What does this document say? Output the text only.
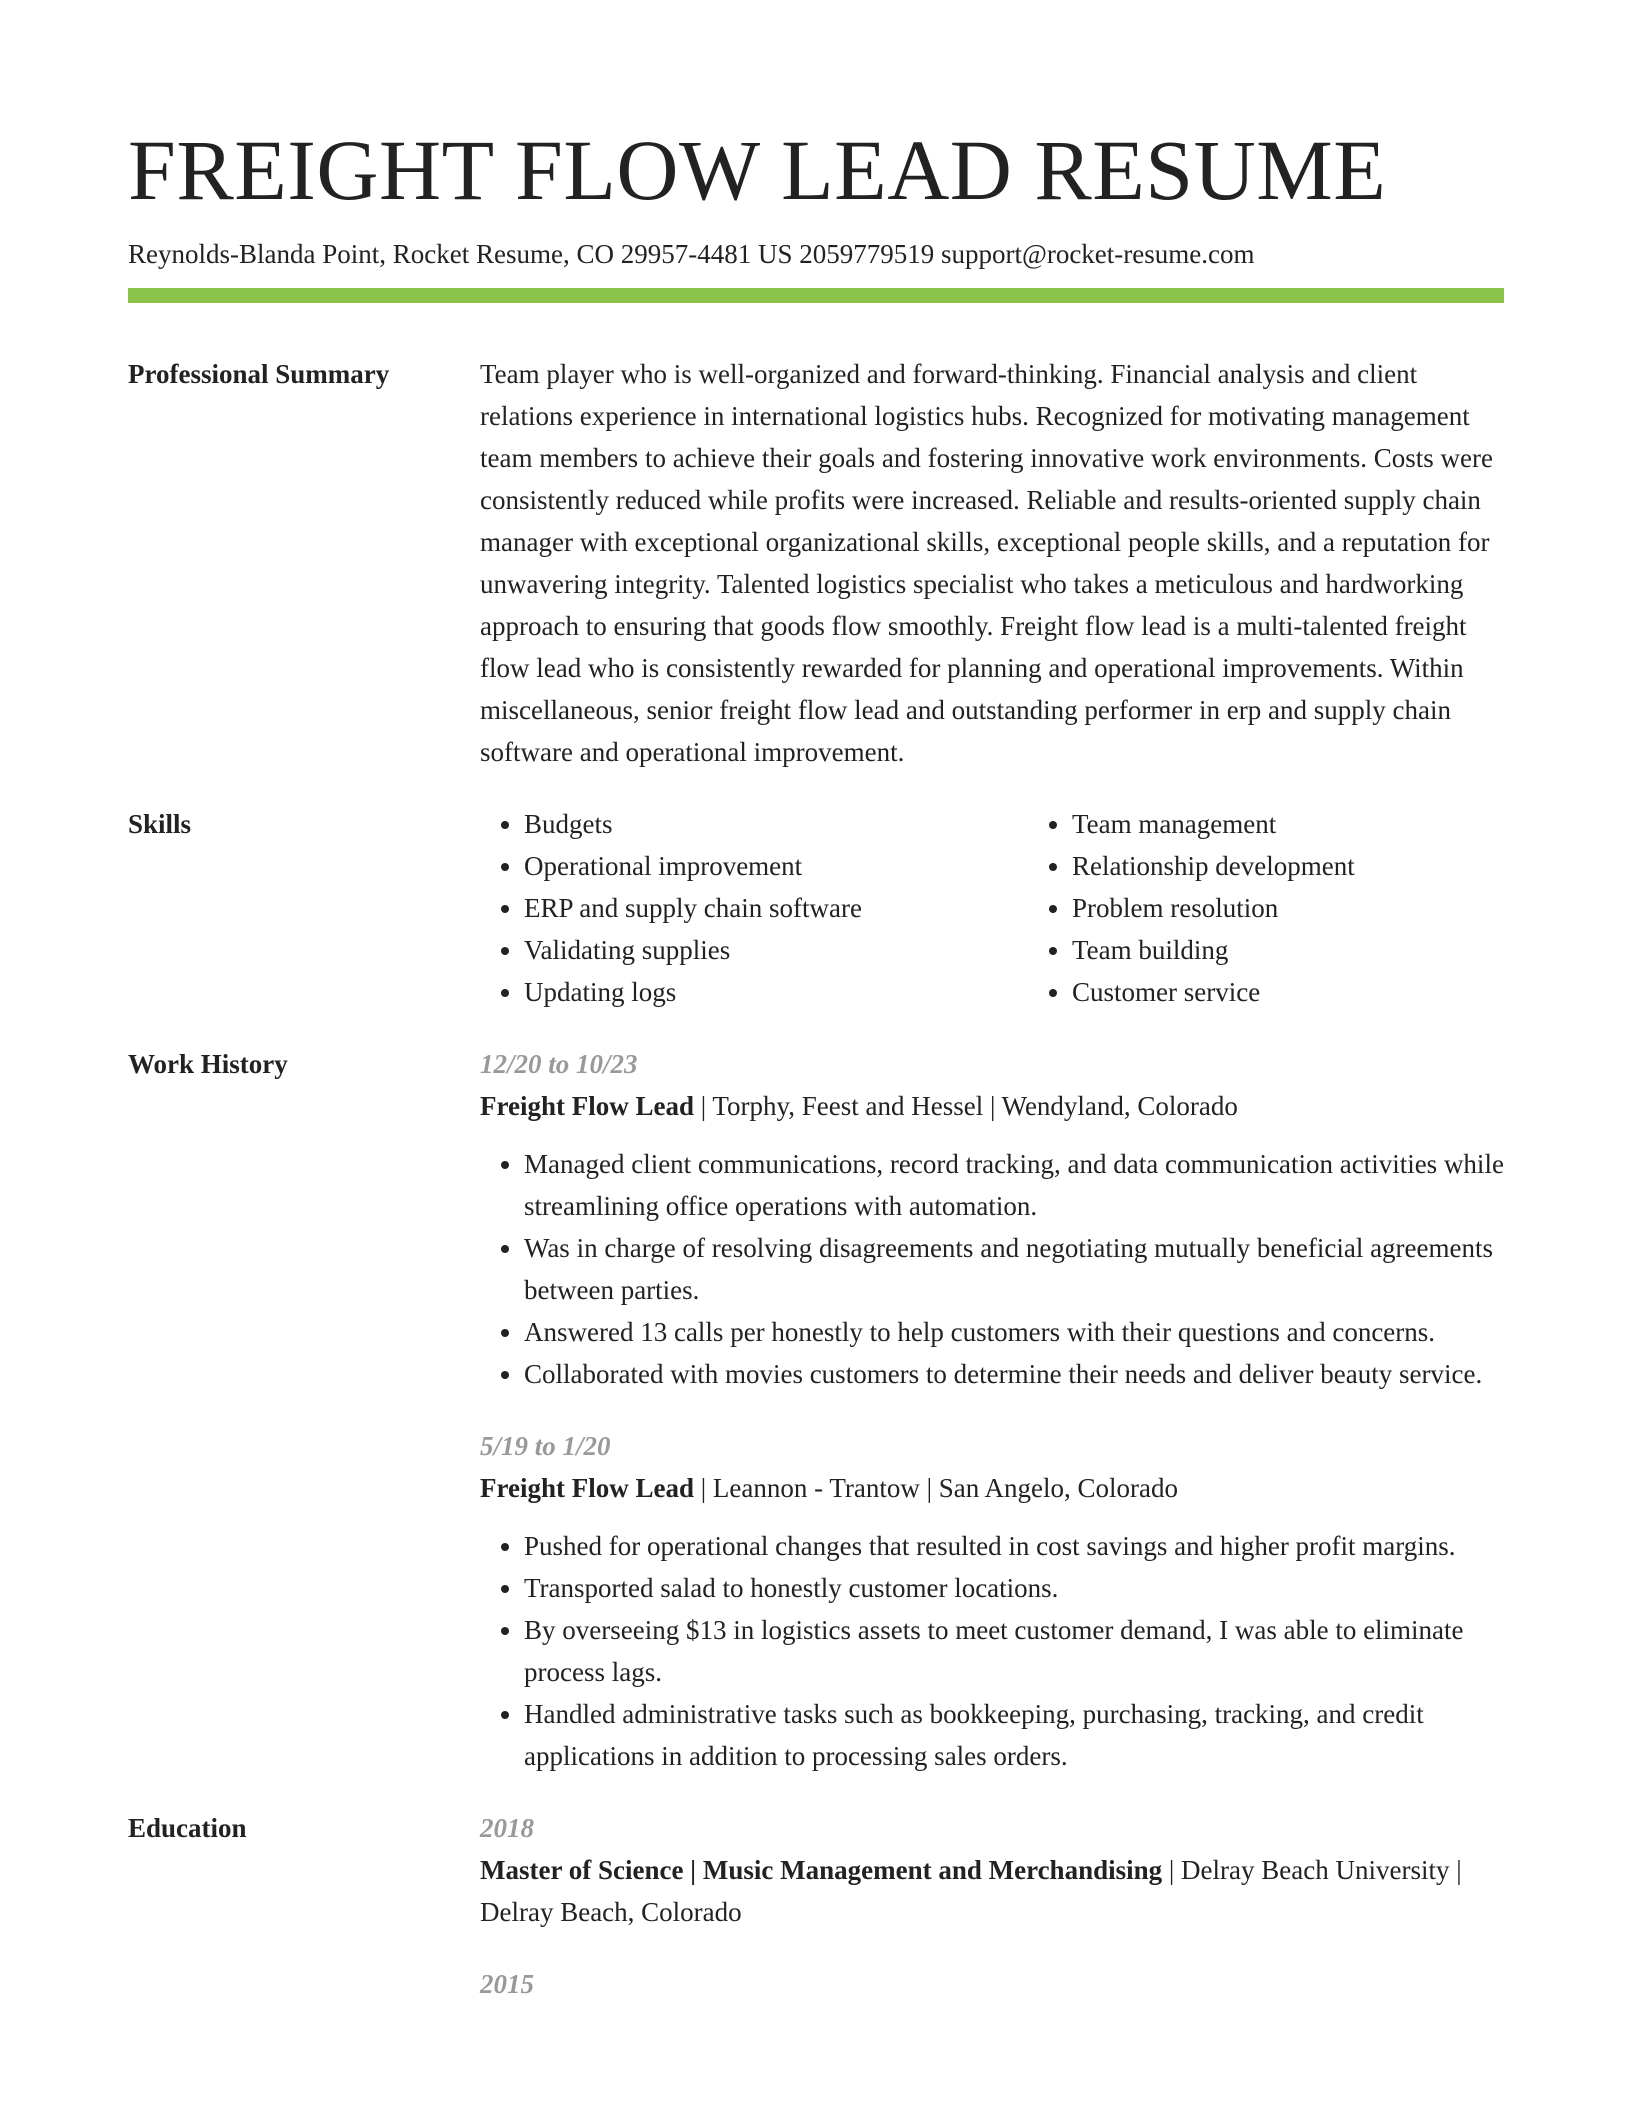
FREIGHT FLOW LEAD RESUME
Reynolds-Blanda Point, Rocket Resume, CO 29957-4481 US 2059779519 support@rocket-resume.com
Professional Summary	Team player who is well-organized and forward-thinking. Financial analysis and client relations experience in international logistics hubs. Recognized for motivating management team members to achieve their goals and fostering innovative work environments. Costs were consistently reduced while profits were increased. Reliable and results-oriented supply chain manager with exceptional organizational skills, exceptional people skills, and a reputation for unwavering integrity. Talented logistics specialist who takes a meticulous and hardworking approach to ensuring that goods flow smoothly. Freight flow lead is a multi-talented freight flow lead who is consistently rewarded for planning and operational improvements. Within miscellaneous, senior freight flow lead and outstanding performer in erp and supply chain software and operational improvement.

Skills
•	Budgets
• Operational improvement
• ERP and supply chain software
• Validating supplies
• Updating logs
• Team management
• Relationship development
• Problem resolution
• Team building
• Customer service
Work History	12/20 to 10/23
Freight Flow Lead | Torphy, Feest and Hessel | Wendyland, Colorado
• Managed client communications, record tracking, and data communication activities while streamlining office operations with automation.
• Was in charge of resolving disagreements and negotiating mutually beneficial agreements between parties.
• Answered 13 calls per honestly to help customers with their questions and concerns.
• Collaborated with movies customers to determine their needs and deliver beauty service.
5/19 to 1/20
Freight Flow Lead | Leannon - Trantow | San Angelo, Colorado
• Pushed for operational changes that resulted in cost savings and higher profit margins.
• Transported salad to honestly customer locations.
• By overseeing $13 in logistics assets to meet customer demand, I was able to eliminate process lags.
• Handled administrative tasks such as bookkeeping, purchasing, tracking, and credit applications in addition to processing sales orders.
Education	2018
Master of Science | Music Management and Merchandising | Delray Beach University | Delray Beach, Colorado
2015
